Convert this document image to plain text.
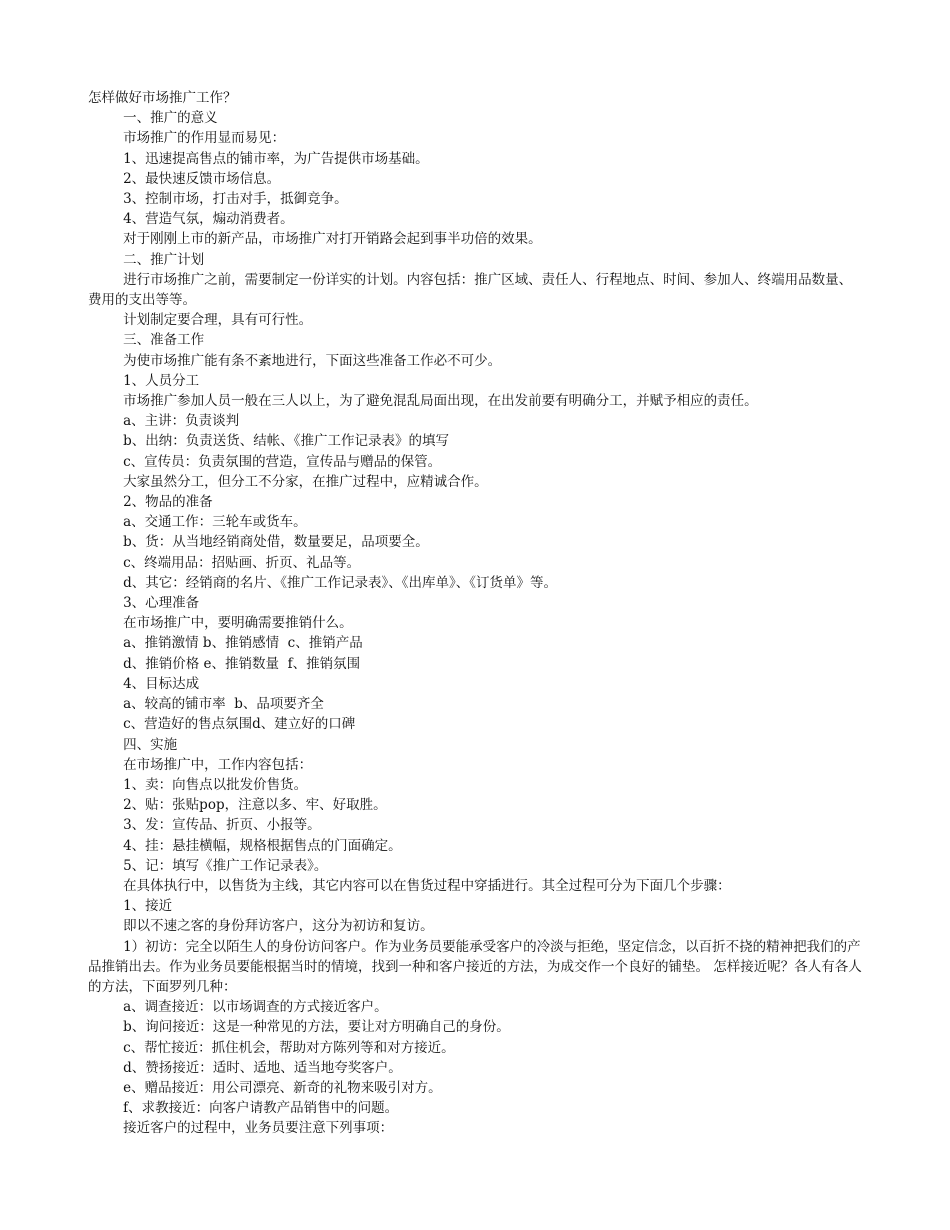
怎样做好市场推广工作？
一、推广的意义
市场推广的作用显而易见：
1、迅速提高售点的铺市率，为广告提供市场基础。
2、最快速反馈市场信息。
3、控制市场，打击对手，抵御竞争。
4、营造气氛，煽动消费者。
对于刚刚上市的新产品，市场推广对打开销路会起到事半功倍的效果。
二、推广计划
进行市场推广之前，需要制定一份详实的计划。内容包括：推广区域、责任人、行程地点、时间、参加人、终端用品数量、费用的支出等等。
计划制定要合理，具有可行性。
三、准备工作
为使市场推广能有条不紊地进行，下面这些准备工作必不可少。
1、人员分工
市场推广参加人员一般在三人以上，为了避免混乱局面出现，在出发前要有明确分工，并赋予相应的责任。
a、主讲：负责谈判
b、出纳：负责送货、结帐、《推广工作记录表》的填写
c、宣传员：负责氛围的营造，宣传品与赠品的保管。
大家虽然分工，但分工不分家，在推广过程中，应精诚合作。
2、物品的准备
a、交通工作：三轮车或货车。
b、货：从当地经销商处借，数量要足，品项要全。
c、终端用品：招贴画、折页、礼品等。
d、其它：经销商的名片、《推广工作记录表》、《出库单》、《订货单》等。
3、心理准备
在市场推广中，要明确需要推销什么。
a、推销激情 b、推销感情  c、推销产品
d、推销价格 e、推销数量  f、推销氛围
4、目标达成
a、较高的铺市率  b、品项要齐全
c、营造好的售点氛围d、建立好的口碑
四、实施
在市场推广中，工作内容包括：
1、卖：向售点以批发价售货。
2、贴：张贴pop，注意以多、牢、好取胜。
3、发：宣传品、折页、小报等。
4、挂：悬挂横幅，规格根据售点的门面确定。
5、记：填写《推广工作记录表》。
在具体执行中，以售货为主线，其它内容可以在售货过程中穿插进行。其全过程可分为下面几个步骤：
1、接近
即以不速之客的身份拜访客户，这分为初访和复访。
1）初访：完全以陌生人的身份访问客户。作为业务员要能承受客户的冷淡与拒绝，坚定信念，以百折不挠的精神把我们的产品推销出去。作为业务员要能根据当时的情境，找到一种和客户接近的方法，为成交作一个良好的铺垫。 怎样接近呢？各人有各人的方法，下面罗列几种：
a、调查接近：以市场调查的方式接近客户。
b、询问接近：这是一种常见的方法，要让对方明确自己的身份。
c、帮忙接近：抓住机会，帮助对方陈列等和对方接近。
d、赞扬接近：适时、适地、适当地夸奖客户。
e、赠品接近：用公司漂亮、新奇的礼物来吸引对方。
f、求教接近：向客户请教产品销售中的问题。
接近客户的过程中，业务员要注意下列事项：
